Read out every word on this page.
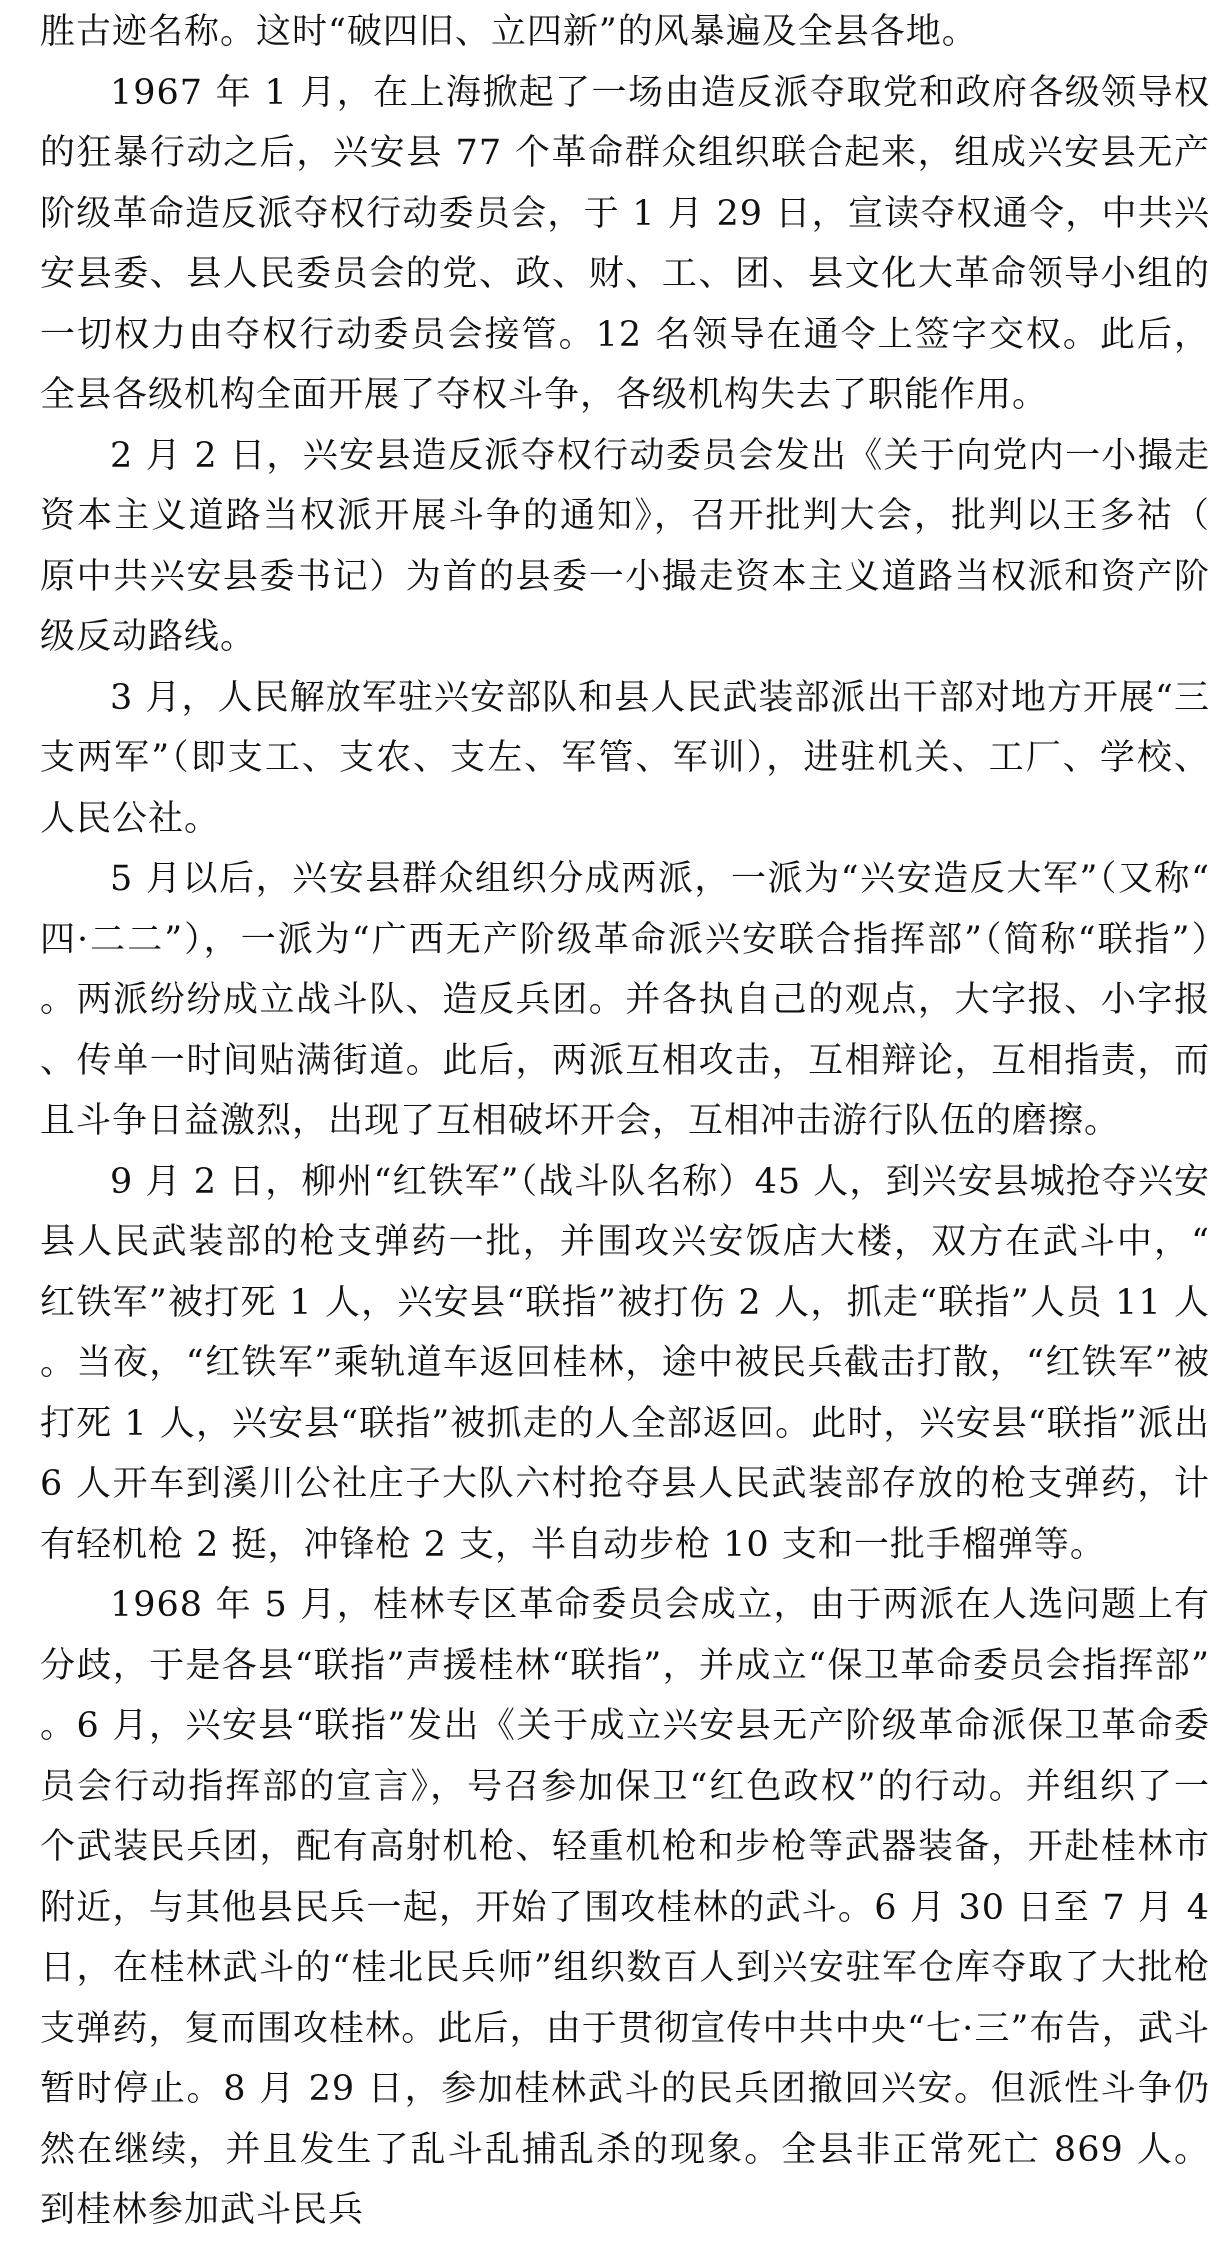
胜古迹名称。这时“破四旧、立四新”的风暴遍及全县各地。

1967 年 1 月，在上海掀起了一场由造反派夺取党和政府各级领导权的狂暴行动之后，兴安县 77 个革命群众组织联合起来，组成兴安县无产阶级革命造反派夺权行动委员会，于 1 月 29 日，宣读夺权通令，中共兴安县委、县人民委员会的党、政、财、工、团、县文化大革命领导小组的一切权力由夺权行动委员会接管。12 名领导在通令上签字交权。此后，全县各级机构全面开展了夺权斗争，各级机构失去了职能作用。

2 月 2 日，兴安县造反派夺权行动委员会发出《关于向党内一小撮走资本主义道路当权派开展斗争的通知》，召开批判大会，批判以王多祜（原中共兴安县委书记）为首的县委一小撮走资本主义道路当权派和资产阶级反动路线。

3 月，人民解放军驻兴安部队和县人民武装部派出干部对地方开展“三支两军”（即支工、支农、支左、军管、军训），进驻机关、工厂、学校、人民公社。

5 月以后，兴安县群众组织分成两派，一派为“兴安造反大军”（又称“四·二二”），一派为“广西无产阶级革命派兴安联合指挥部”（简称“联指”）。两派纷纷成立战斗队、造反兵团。并各执自己的观点，大字报、小字报、传单一时间贴满街道。此后，两派互相攻击，互相辩论，互相指责，而且斗争日益激烈，出现了互相破坏开会，互相冲击游行队伍的磨擦。

9 月 2 日，柳州“红铁军”（战斗队名称）45 人，到兴安县城抢夺兴安县人民武装部的枪支弹药一批，并围攻兴安饭店大楼，双方在武斗中，“红铁军”被打死 1 人，兴安县“联指”被打伤 2 人，抓走“联指”人员 11 人。当夜，“红铁军”乘轨道车返回桂林，途中被民兵截击打散，“红铁军”被打死 1 人，兴安县“联指”被抓走的人全部返回。此时，兴安县“联指”派出 6 人开车到溪川公社庄子大队六村抢夺县人民武装部存放的枪支弹药，计有轻机枪 2 挺，冲锋枪 2 支，半自动步枪 10 支和一批手榴弹等。

1968 年 5 月，桂林专区革命委员会成立，由于两派在人选问题上有分歧，于是各县“联指”声援桂林“联指”，并成立“保卫革命委员会指挥部”。6 月，兴安县“联指”发出《关于成立兴安县无产阶级革命派保卫革命委员会行动指挥部的宣言》，号召参加保卫“红色政权”的行动。并组织了一个武装民兵团，配有高射机枪、轻重机枪和步枪等武器装备，开赴桂林市附近，与其他县民兵一起，开始了围攻桂林的武斗。6 月 30 日至 7 月 4 日，在桂林武斗的“桂北民兵师”组织数百人到兴安驻军仓库夺取了大批枪支弹药，复而围攻桂林。此后，由于贯彻宣传中共中央“七·三”布告，武斗暂时停止。8 月 29 日，参加桂林武斗的民兵团撤回兴安。但派性斗争仍然在继续，并且发生了乱斗乱捕乱杀的现象。全县非正常死亡 869 人。到桂林参加武斗民兵
